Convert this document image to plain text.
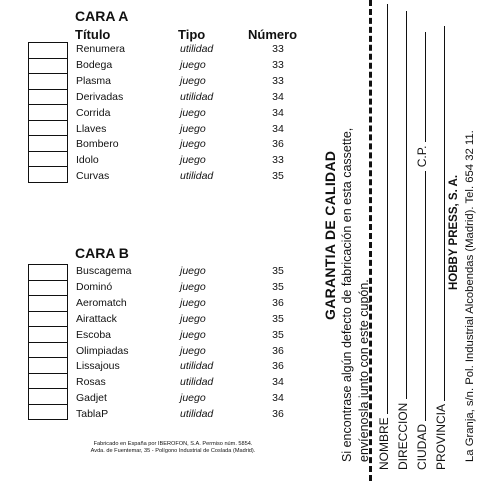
CARA A
Título	Tipo	Número
Renumera	utilidad	33
Bodega	juego	33
Plasma	juego	33
Derivadas	utilidad	34
Corrida	juego	34
Llaves	juego	34
Bombero	juego	36
Idolo	juego	33
Curvas	utilidad	35
CARA B
Buscagema	juego	35
Dominó	juego	35
Aeromatch	juego	36
Airattack	juego	35
Escoba	juego	35
Olimpiadas	juego	36
Lissajous	utilidad	36
Rosas	utilidad	34
Gadjet	juego	34
TablaP	utilidad	36
Fabricado en España por IBEROFON, S.A. Permiso núm. 5854.
Avda. de Fuentemar, 35 - Polígono Industrial de Coslada (Madrid).
GARANTIA DE CALIDAD Si encontrase algún defecto de fabricación en esta cassette, envíenosla junto con este cupón. NOMBRE DIRECCION CIUDAD  C.P.
PROVINCIA
HOBBY PRESS, S. A. La Granja, s/n. Pol. Industrial Alcobendas (Madrid). Tel. 654 32 11.
